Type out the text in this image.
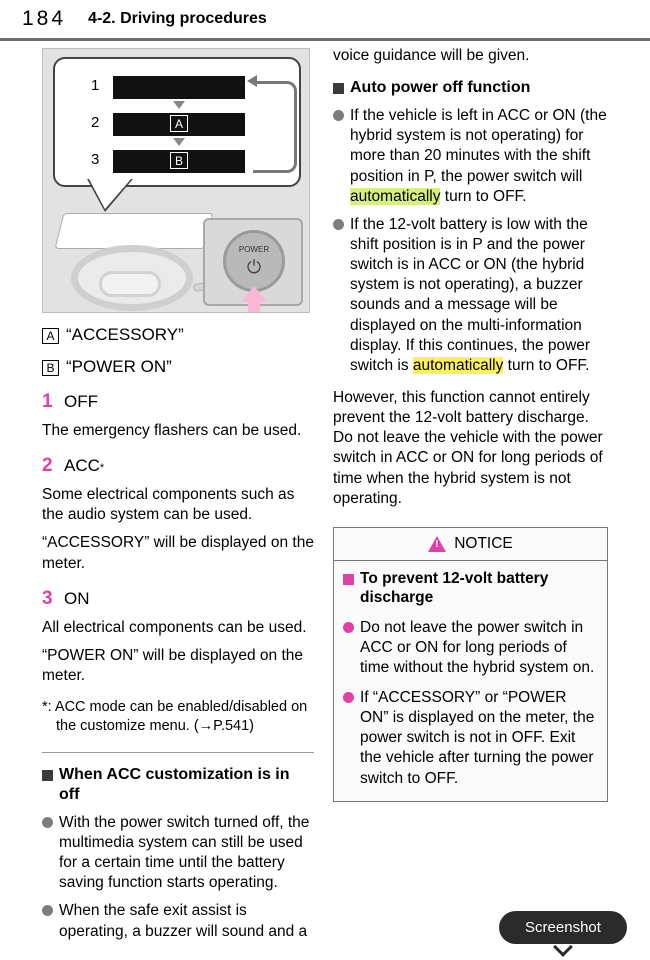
184 4-2. Driving procedures
1
2
3
A
B
POWER
⏻
A “ACCESSORY”
B “POWER ON”
1 OFF

The emergency flashers can be used.

2 ACC *

Some electrical components such as the audio system can be used.

“ACCESSORY” will be displayed on the meter.

3 ON

All electrical components can be used.

“POWER ON” will be displayed on the meter.

*: ACC mode can be enabled/disabled on the customize menu. (→P.541)
When ACC customization is in off
With the power switch turned off, the multimedia system can still be used for a certain time until the battery saving function starts operating.
When the safe exit assist is operating, a buzzer will sound and a

voice guidance will be given.

Auto power off function
If the vehicle is left in ACC or ON (the hybrid system is not operating) for more than 20 minutes with the shift position in P, the power switch will automatically turn to OFF.
If the 12-volt battery is low with the shift position is in P and the power switch is in ACC or ON (the hybrid system is not operating), a buzzer sounds and a message will be displayed on the multi-information display. If this continues, the power switch is automatically turn to OFF.

However, this function cannot entirely prevent the 12-volt battery discharge. Do not leave the vehicle with the power switch in ACC or ON for long periods of time when the hybrid system is not operating.

!
NOTICE
To prevent 12-volt battery discharge
Do not leave the power switch in ACC or ON for long periods of time without the hybrid system on.
If “ACCESSORY” or “POWER ON” is displayed on the meter, the power switch is not in OFF. Exit the vehicle after turning the power switch to OFF.
Screenshot
